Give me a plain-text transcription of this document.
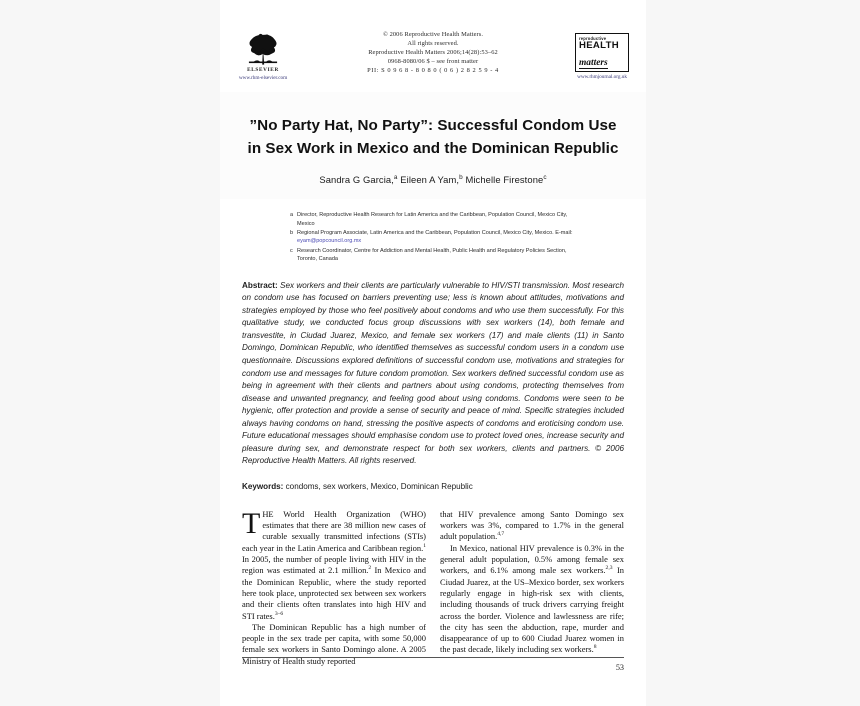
ELSEVIER
www.rhm-elsevier.com
© 2006 Reproductive Health Matters.
All rights reserved.
Reproductive Health Matters 2006;14(28):53–62
0968-8080/06 $ – see front matter
PII: S 0 9 6 8 - 8 0 8 0 ( 0 6 ) 2 8 2 5 9 - 4
reproductive
HEALTH
matters
www.rhmjournal.org.uk
”No Party Hat, No Party”: Successful Condom Use in Sex Work in Mexico and the Dominican Republic
Sandra G Garcia,$^a$ Eileen A Yam,$^b$ Michelle Firestone$^c$
a Director, Reproductive Health Research for Latin America and the Caribbean, Population Council, Mexico City, Mexico
b Regional Program Associate, Latin America and the Caribbean, Population Council, Mexico City, Mexico. E-mail: eyam@popcouncil.org.mx
c Research Coordinator, Centre for Addiction and Mental Health, Public Health and Regulatory Policies Section, Toronto, Canada

Abstract: Sex workers and their clients are particularly vulnerable to HIV/STI transmission. Most research on condom use has focused on barriers preventing use; less is known about attitudes, motivations and strategies employed by those who feel positively about condoms and who use them successfully. For this qualitative study, we conducted focus group discussions with sex workers (14), both female and transvestite, in Ciudad Juarez, Mexico, and female sex workers (17) and male clients (11) in Santo Domingo, Dominican Republic, who identified themselves as successful condom users in a condom use questionnaire. Discussions explored definitions of successful condom use, motivations and strategies for condom use and messages for future condom promotion. Sex workers defined successful condom use as being in agreement with their clients and partners about using condoms, protecting themselves from disease and unwanted pregnancy, and feeling good about using condoms. Condoms were seen to be hygienic, offer protection and provide a sense of security and peace of mind. Specific strategies included always having condoms on hand, stressing the positive aspects of condoms and eroticising condom use. Future educational messages should emphasise condom use to protect loved ones, increase security and pleasure during sex, and demonstrate respect for both sex workers, clients and partners. © 2006 Reproductive Health Matters. All rights reserved.

Keywords: condoms, sex workers, Mexico, Dominican Republic

THE World Health Organization (WHO) estimates that there are 38 million new cases of curable sexually transmitted infections (STIs) each year in the Latin America and Caribbean region.$^1$ In 2005, the number of people living with HIV in the region was estimated at 2.1 million.$^2$ In Mexico and the Dominican Republic, where the study reported here took place, unprotected sex between sex workers and their clients often translates into high HIV and STI rates.$^{3-6}$

The Dominican Republic has a high number of people in the sex trade per capita, with some 50,000 female sex workers in Santo Domingo alone. A 2005 Ministry of Health study reported

that HIV prevalence among Santo Domingo sex workers was 3%, compared to 1.7% in the general adult population.$^{4,7}$

In Mexico, national HIV prevalence is 0.3% in the general adult population, 0.5% among female sex workers, and 6.1% among male sex workers.$^{2,3}$ In Ciudad Juarez, at the US–Mexico border, sex workers regularly engage in high-risk sex with clients, including thousands of truck drivers carrying freight across the border. Violence and lawlessness are rife; the city has seen the abduction, rape, murder and disappearance of up to 600 Ciudad Juarez women in the past decade, likely including sex workers.$^8$

53
